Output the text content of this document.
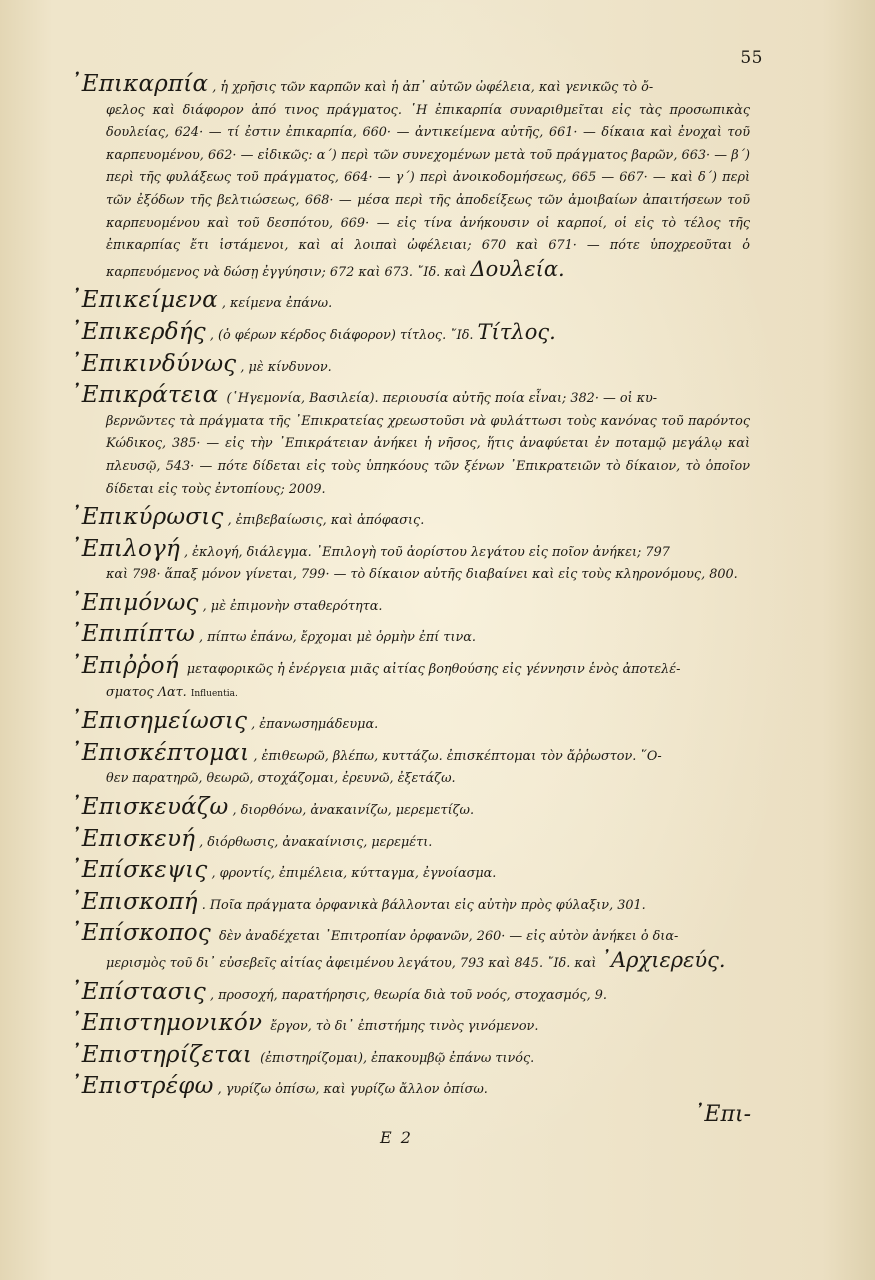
55

᾿Επικαρπία , ἡ χρῆσις τῶν καρπῶν καὶ ἡ ἀπ᾿ αὐτῶν ὠφέλεια, καὶ γενικῶς τὸ ὄ-
φελος καὶ διάφορον ἀπό τινος πράγματος. ῾Η ἐπικαρπία συναριθμεῖται εἰς τὰς προσωπικὰς δουλείας, 624· — τί ἐστιν ἐπικαρπία, 660· — ἀντικείμενα αὐτῆς, 661· — δίκαια καὶ ἐνοχαὶ τοῦ καρπευομένου, 662· — εἰδικῶς: α´) περὶ τῶν συνεχομένων μετὰ τοῦ πράγματος βαρῶν, 663· — β´) περὶ τῆς φυλάξεως τοῦ πράγματος, 664· — γ´) περὶ ἀνοικοδομήσεως, 665 — 667· — καὶ δ´) περὶ τῶν ἐξόδων τῆς βελτιώσεως, 668· — μέσα περὶ τῆς ἀποδείξεως τῶν ἀμοιβαίων ἀπαιτήσεων τοῦ καρπευομένου καὶ τοῦ δεσπότου, 669· — εἰς τίνα ἀνήκουσιν οἱ καρποί, οἱ εἰς τὸ τέλος τῆς ἐπικαρπίας ἔτι ἱστάμενοι, καὶ αἱ λοιπαὶ ὠφέλειαι; 670 καὶ 671· — πότε ὑποχρεοῦται ὁ καρπευόμενος νὰ δώσῃ ἐγγύησιν; 672 καὶ 673. ῎Ιδ. καὶ Δουλεία.

᾿Επικείμενα , κείμενα ἐπάνω.

᾿Επικερδής , (ὁ φέρων κέρδος διάφορον) τίτλος. ῎Ιδ. Τίτλος.

᾿Επικινδύνως , μὲ κίνδυνον.

᾿Επικράτεια (῾Ηγεμονία, Βασιλεία). περιουσία αὐτῆς ποία εἶναι; 382· — οἱ κυ-
βερνῶντες τὰ πράγματα τῆς ᾿Επικρατείας χρεωστοῦσι νὰ φυλάττωσι τοὺς κανόνας τοῦ παρόντος Κώδικος, 385· — εἰς τὴν ᾿Επικράτειαν ἀνήκει ἡ νῆσος, ἥτις ἀναφύεται ἐν ποταμῷ μεγάλῳ καὶ πλευσῷ, 543· — πότε δίδεται εἰς τοὺς ὑπηκόους τῶν ξένων ᾿Επικρατειῶν τὸ δίκαιον, τὸ ὁποῖον δίδεται εἰς τοὺς ἐντοπίους; 2009.

᾿Επικύρωσις , ἐπιβεβαίωσις, καὶ ἀπόφασις.

᾿Επιλογή , ἐκλογή, διάλεγμα. ᾿Επιλογὴ τοῦ ἀορίστου λεγάτου εἰς ποῖον ἀνήκει; 797
καὶ 798· ἅπαξ μόνον γίνεται, 799· — τὸ δίκαιον αὐτῆς διαβαίνει καὶ εἰς τοὺς κληρονόμους, 800.

᾿Επιμόνως , μὲ ἐπιμονὴν σταθερότητα.

᾿Επιπίπτω , πίπτω ἐπάνω, ἔρχομαι μὲ ὁρμὴν ἐπί τινα.

᾿Επιῤῥοή μεταφορικῶς ἡ ἐνέργεια μιᾶς αἰτίας βοηθούσης εἰς γέννησιν ἑνὸς ἀποτελέ-
σματος Λατ. Influentia.

᾿Επισημείωσις , ἐπανωσημάδευμα.

᾿Επισκέπτομαι , ἐπιθεωρῶ, βλέπω, κυττάζω. ἐπισκέπτομαι τὸν ἄῤῥωστον. ῞Ο-
θεν παρατηρῶ, θεωρῶ, στοχάζομαι, ἐρευνῶ, ἐξετάζω.

᾿Επισκευάζω , διορθόνω, ἀνακαινίζω, μερεμετίζω.

᾿Επισκευή , διόρθωσις, ἀνακαίνισις, μερεμέτι.

᾿Επίσκεψις , φροντίς, ἐπιμέλεια, κύτταγμα, ἐγνοίασμα.

᾿Επισκοπή . Ποῖα πράγματα ὀρφανικὰ βάλλονται εἰς αὐτὴν πρὸς φύλαξιν, 301.

᾿Επίσκοπος δὲν ἀναδέχεται ᾿Επιτροπίαν ὀρφανῶν, 260· — εἰς αὐτὸν ἀνήκει ὁ δια-
μερισμὸς τοῦ δι᾿ εὐσεβεῖς αἰτίας ἀφειμένου λεγάτου, 793 καὶ 845. ῎Ιδ. καὶ ᾿Αρχιερεύς.

᾿Επίστασις , προσοχή, παρατήρησις, θεωρία διὰ τοῦ νοός, στοχασμός, 9.

᾿Επιστημονικόν ἔργον, τὸ δι᾿ ἐπιστήμης τινὸς γινόμενον.

᾿Επιστηρίζεται (ἐπιστηρίζομαι), ἐπακουμβῷ ἐπάνω τινός.

᾿Επιστρέφω , γυρίζω ὀπίσω, καὶ γυρίζω ἄλλον ὀπίσω.

᾿Επι-
E 2
